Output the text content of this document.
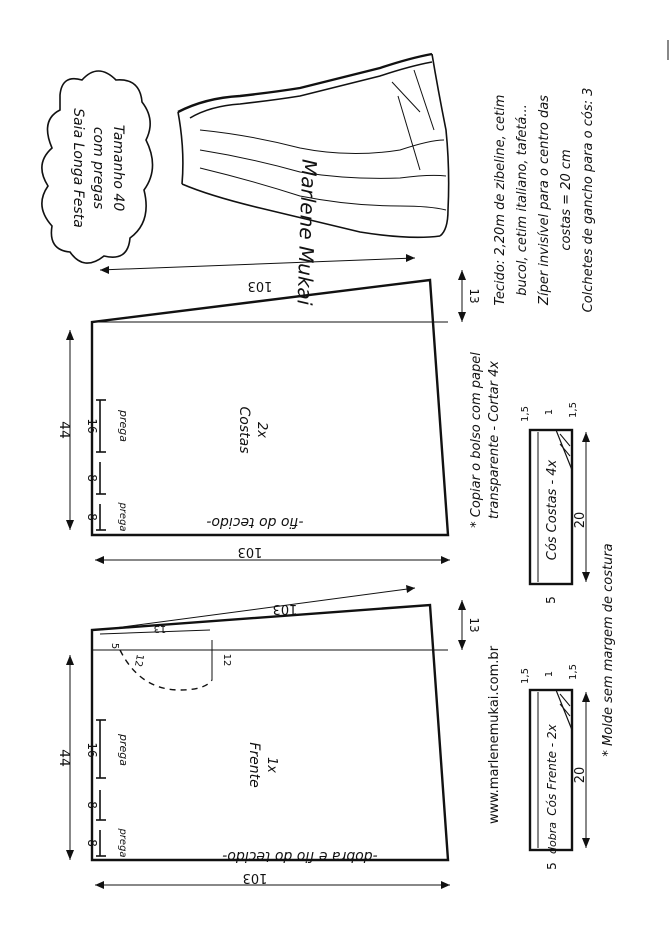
Saia Longa Festa com pregas Tamanho 40	Marlene Mukai	Tecido: 2,20m de zibeline, cetim bucol, cetim italiano, tafetá... Zíper invisível para o centro das costas = 20 cm Colchetes de gancho para o cós: 3
103
103
44
13
-fio do tecido-
Costas 2x
16
8
8
prega
prega	* Copiar o bolso com papel transparente - Cortar 4x	Cós Costas - 4x 20
5
1,5 1 1,5
103
103
44
13
-dobra e fio do tecido-
Frente 1x
16
8
8
prega
prega
5
13
12	12	www.marlenemukai.com.br	Cós Frente - 2x
dobra
20
5
1,5 1 1,5 * Molde sem margem de costura
